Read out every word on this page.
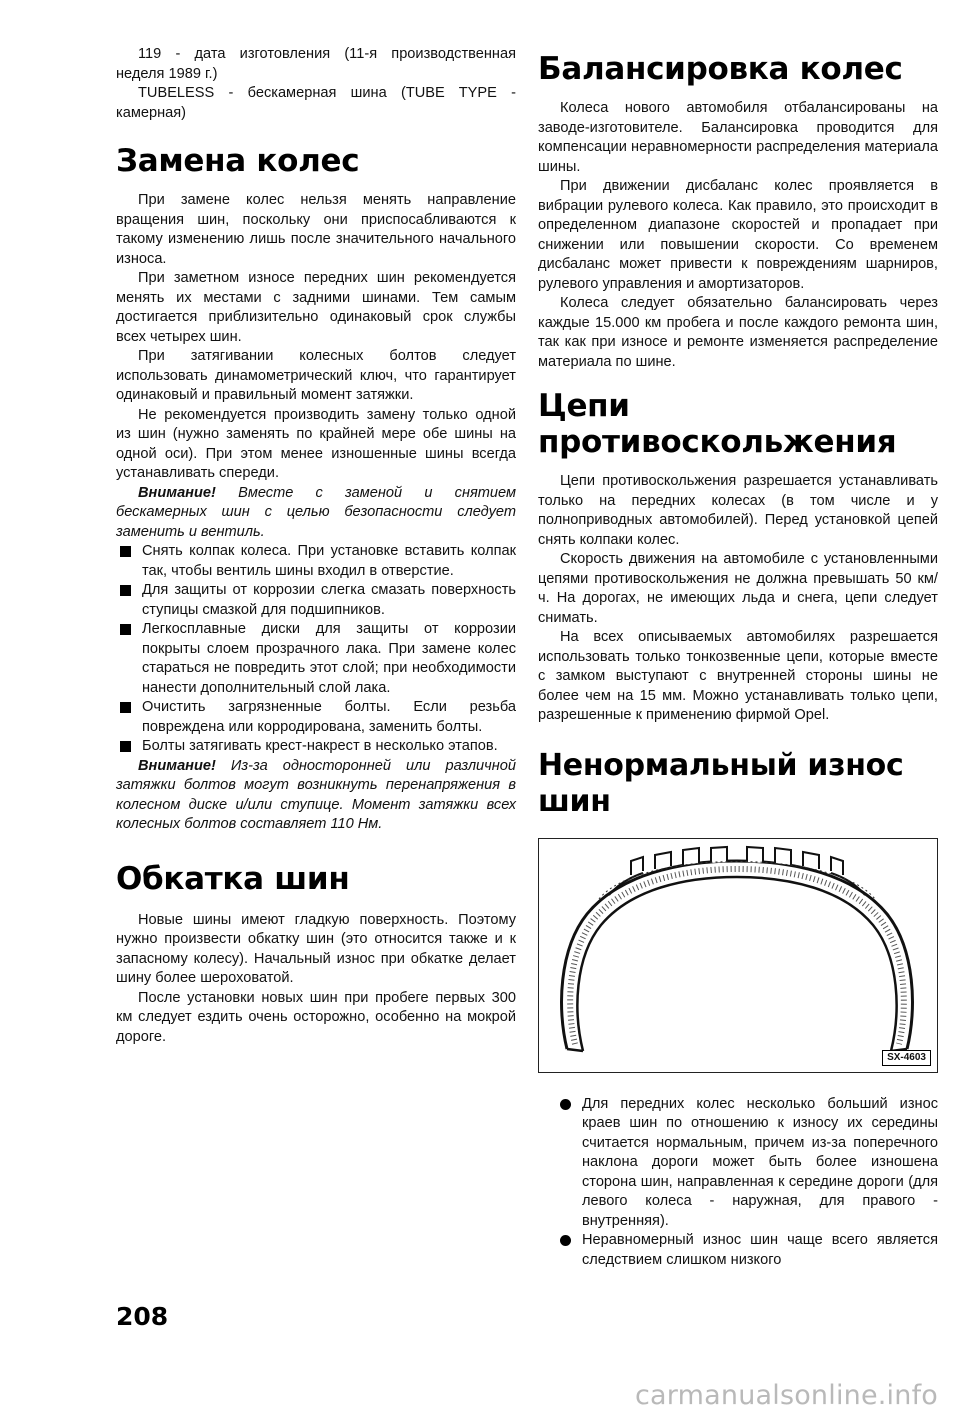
119 - дата изготовления (11-я производственная неделя 1989 г.)

TUBELESS - бескамерная шина (TUBE TYPE - камерная)

Замена колес

При замене колес нельзя менять направление вращения шин, поскольку они приспосабливаются к такому изменению лишь после значительного начального износа.

При заметном износе передних шин рекомендуется менять их местами с задними шинами. Тем самым достигается приблизительно одинаковый срок службы всех четырех шин.

При затягивании колесных болтов следует использовать динамометрический ключ, что гарантирует одинаковый и правильный момент затяжки.

Не рекомендуется производить замену только одной из шин (нужно заменять по крайней мере обе шины на одной оси). При этом менее изношенные шины всегда устанавливать спереди.

Внимание! Вместе с заменой и снятием бескамерных шин с целью безопасности следует заменить и вентиль.
Снять колпак колеса. При установке вставить колпак так, чтобы вентиль шины входил в отверстие.
Для защиты от коррозии слегка смазать поверхность ступицы смазкой для подшипников.
Легкосплавные диски для защиты от коррозии покрыты слоем прозрачного лака. При замене колес стараться не повредить этот слой; при необходимости нанести дополнительный слой лака.
Очистить загрязненные болты. Если резьба повреждена или корродирована, заменить болты.
Болты затягивать крест-накрест в несколько этапов.
Внимание! Из-за односторонней или различной затяжки болтов могут возникнуть перенапряжения в колесном диске и/или ступице. Момент затяжки всех колесных болтов составляет 110 Нм.
Обкатка шин

Новые шины имеют гладкую поверхность. Поэтому нужно произвести обкатку шин (это относится также и к запасному колесу). Начальный износ при обкатке делает шину более шероховатой.

После установки новых шин при пробеге первых 300 км следует ездить очень осторожно, особенно на мокрой дороге.

Балансировка колес

Колеса нового автомобиля отбалансированы на заводе-изготовителе. Балансировка проводится для компенсации неравномерности распределения материала шины.

При движении дисбаланс колес проявляется в вибрации рулевого колеса. Как правило, это происходит в определенном диапазоне скоростей и пропадает при снижении или повышении скорости. Со временем дисбаланс может привести к повреждениям шарниров, рулевого управления и амортизаторов.

Колеса следует обязательно балансировать через каждые 15.000 км пробега и после каждого ремонта шин, так как при износе и ремонте изменяется распределение материала по шине.

Цепи
противоскольжения

Цепи противоскольжения разрешается устанавливать только на передних колесах (в том числе и у полноприводных автомобилей). Перед установкой цепей снять колпаки колес.

Скорость движения на автомобиле с установленными цепями противоскольжения не должна превышать 50 км/ч. На дорогах, не имеющих льда и снега, цепи следует снимать.

На всех описываемых автомобилях разрешается использовать только тонкозвенные цепи, которые вместе с замком выступают с внутренней стороны шины не более чем на 15 мм. Можно устанавливать только цепи, разрешенные к применению фирмой Opel.

Ненормальный износ шин
SX-4603
Для передних колес несколько больший износ краев шин по отношению к износу их середины считается нормальным, причем из-за поперечного наклона дороги может быть более изношена сторона шин, направленная к середине дороги (для левого колеса - наружная, для правого - внутренняя).
Неравномерный износ шин чаще всего является следствием слишком низкого
208
carmanualsonline.info
